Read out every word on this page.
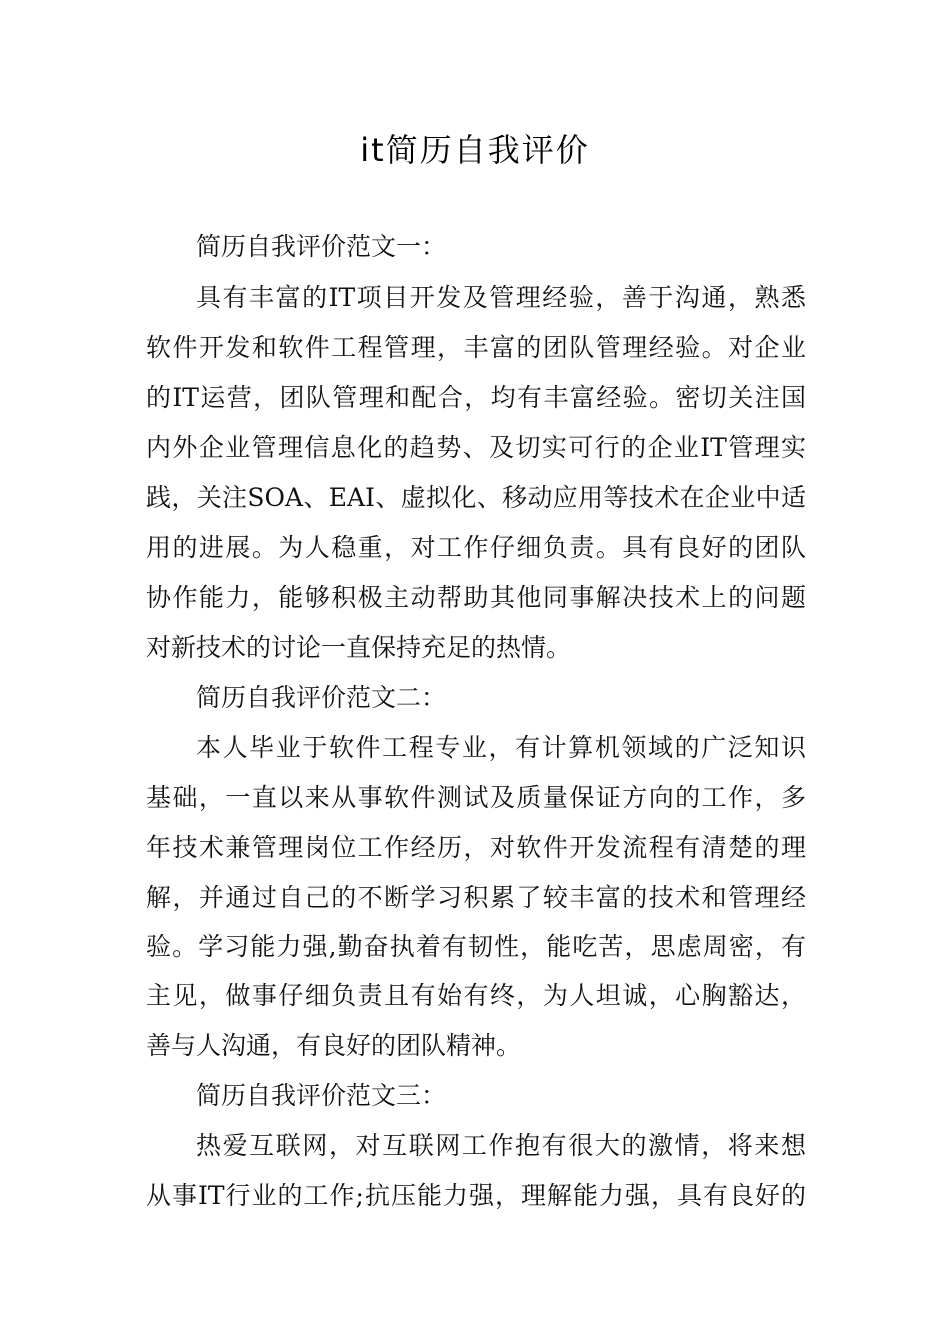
it简历自我评价
简历自我评价范文一：
具有丰富的IT项目开发及管理经验，善于沟通，熟悉
软件开发和软件工程管理，丰富的团队管理经验。对企业
的IT运营，团队管理和配合，均有丰富经验。密切关注国
内外企业管理信息化的趋势、及切实可行的企业IT管理实
践，关注SOA、EAI、虚拟化、移动应用等技术在企业中适
用的进展。为人稳重，对工作仔细负责。具有良好的团队
协作能力，能够积极主动帮助其他同事解决技术上的问题
对新技术的讨论一直保持充足的热情。
简历自我评价范文二：
本人毕业于软件工程专业，有计算机领域的广泛知识
基础，一直以来从事软件测试及质量保证方向的工作，多
年技术兼管理岗位工作经历，对软件开发流程有清楚的理
解，并通过自己的不断学习积累了较丰富的技术和管理经
验。学习能力强,勤奋执着有韧性，能吃苦，思虑周密，有
主见，做事仔细负责且有始有终，为人坦诚，心胸豁达，
善与人沟通，有良好的团队精神。
简历自我评价范文三：
热爱互联网，对互联网工作抱有很大的激情，将来想
从事IT行业的工作;抗压能力强，理解能力强，具有良好的
